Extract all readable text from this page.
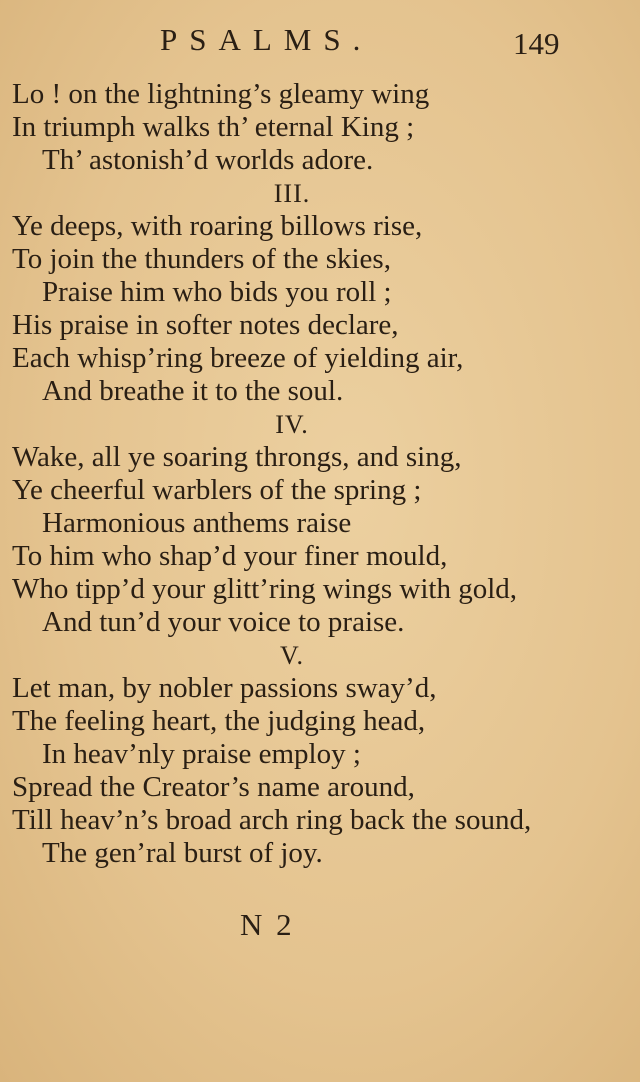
PSALMS.	149
Lo ! on the lightning’s gleamy wing
In triumph walks th’ eternal King ;
Th’ astonish’d worlds adore.
III.
Ye deeps, with roaring billows rise,
To join the thunders of the skies,
Praise him who bids you roll ;
His praise in softer notes declare,
Each whisp’ring breeze of yielding air,
And breathe it to the soul.
IV.
Wake, all ye soaring throngs, and sing,
Ye cheerful warblers of the spring ;
Harmonious anthems raise
To him who shap’d your finer mould,
Who tipp’d your glitt’ring wings with gold,
And tun’d your voice to praise.
V.
Let man, by nobler passions sway’d,
The feeling heart, the judging head,
In heav’nly praise employ ;
Spread the Creator’s name around,
Till heav’n’s broad arch ring back the sound,
The gen’ral burst of joy.
N 2
